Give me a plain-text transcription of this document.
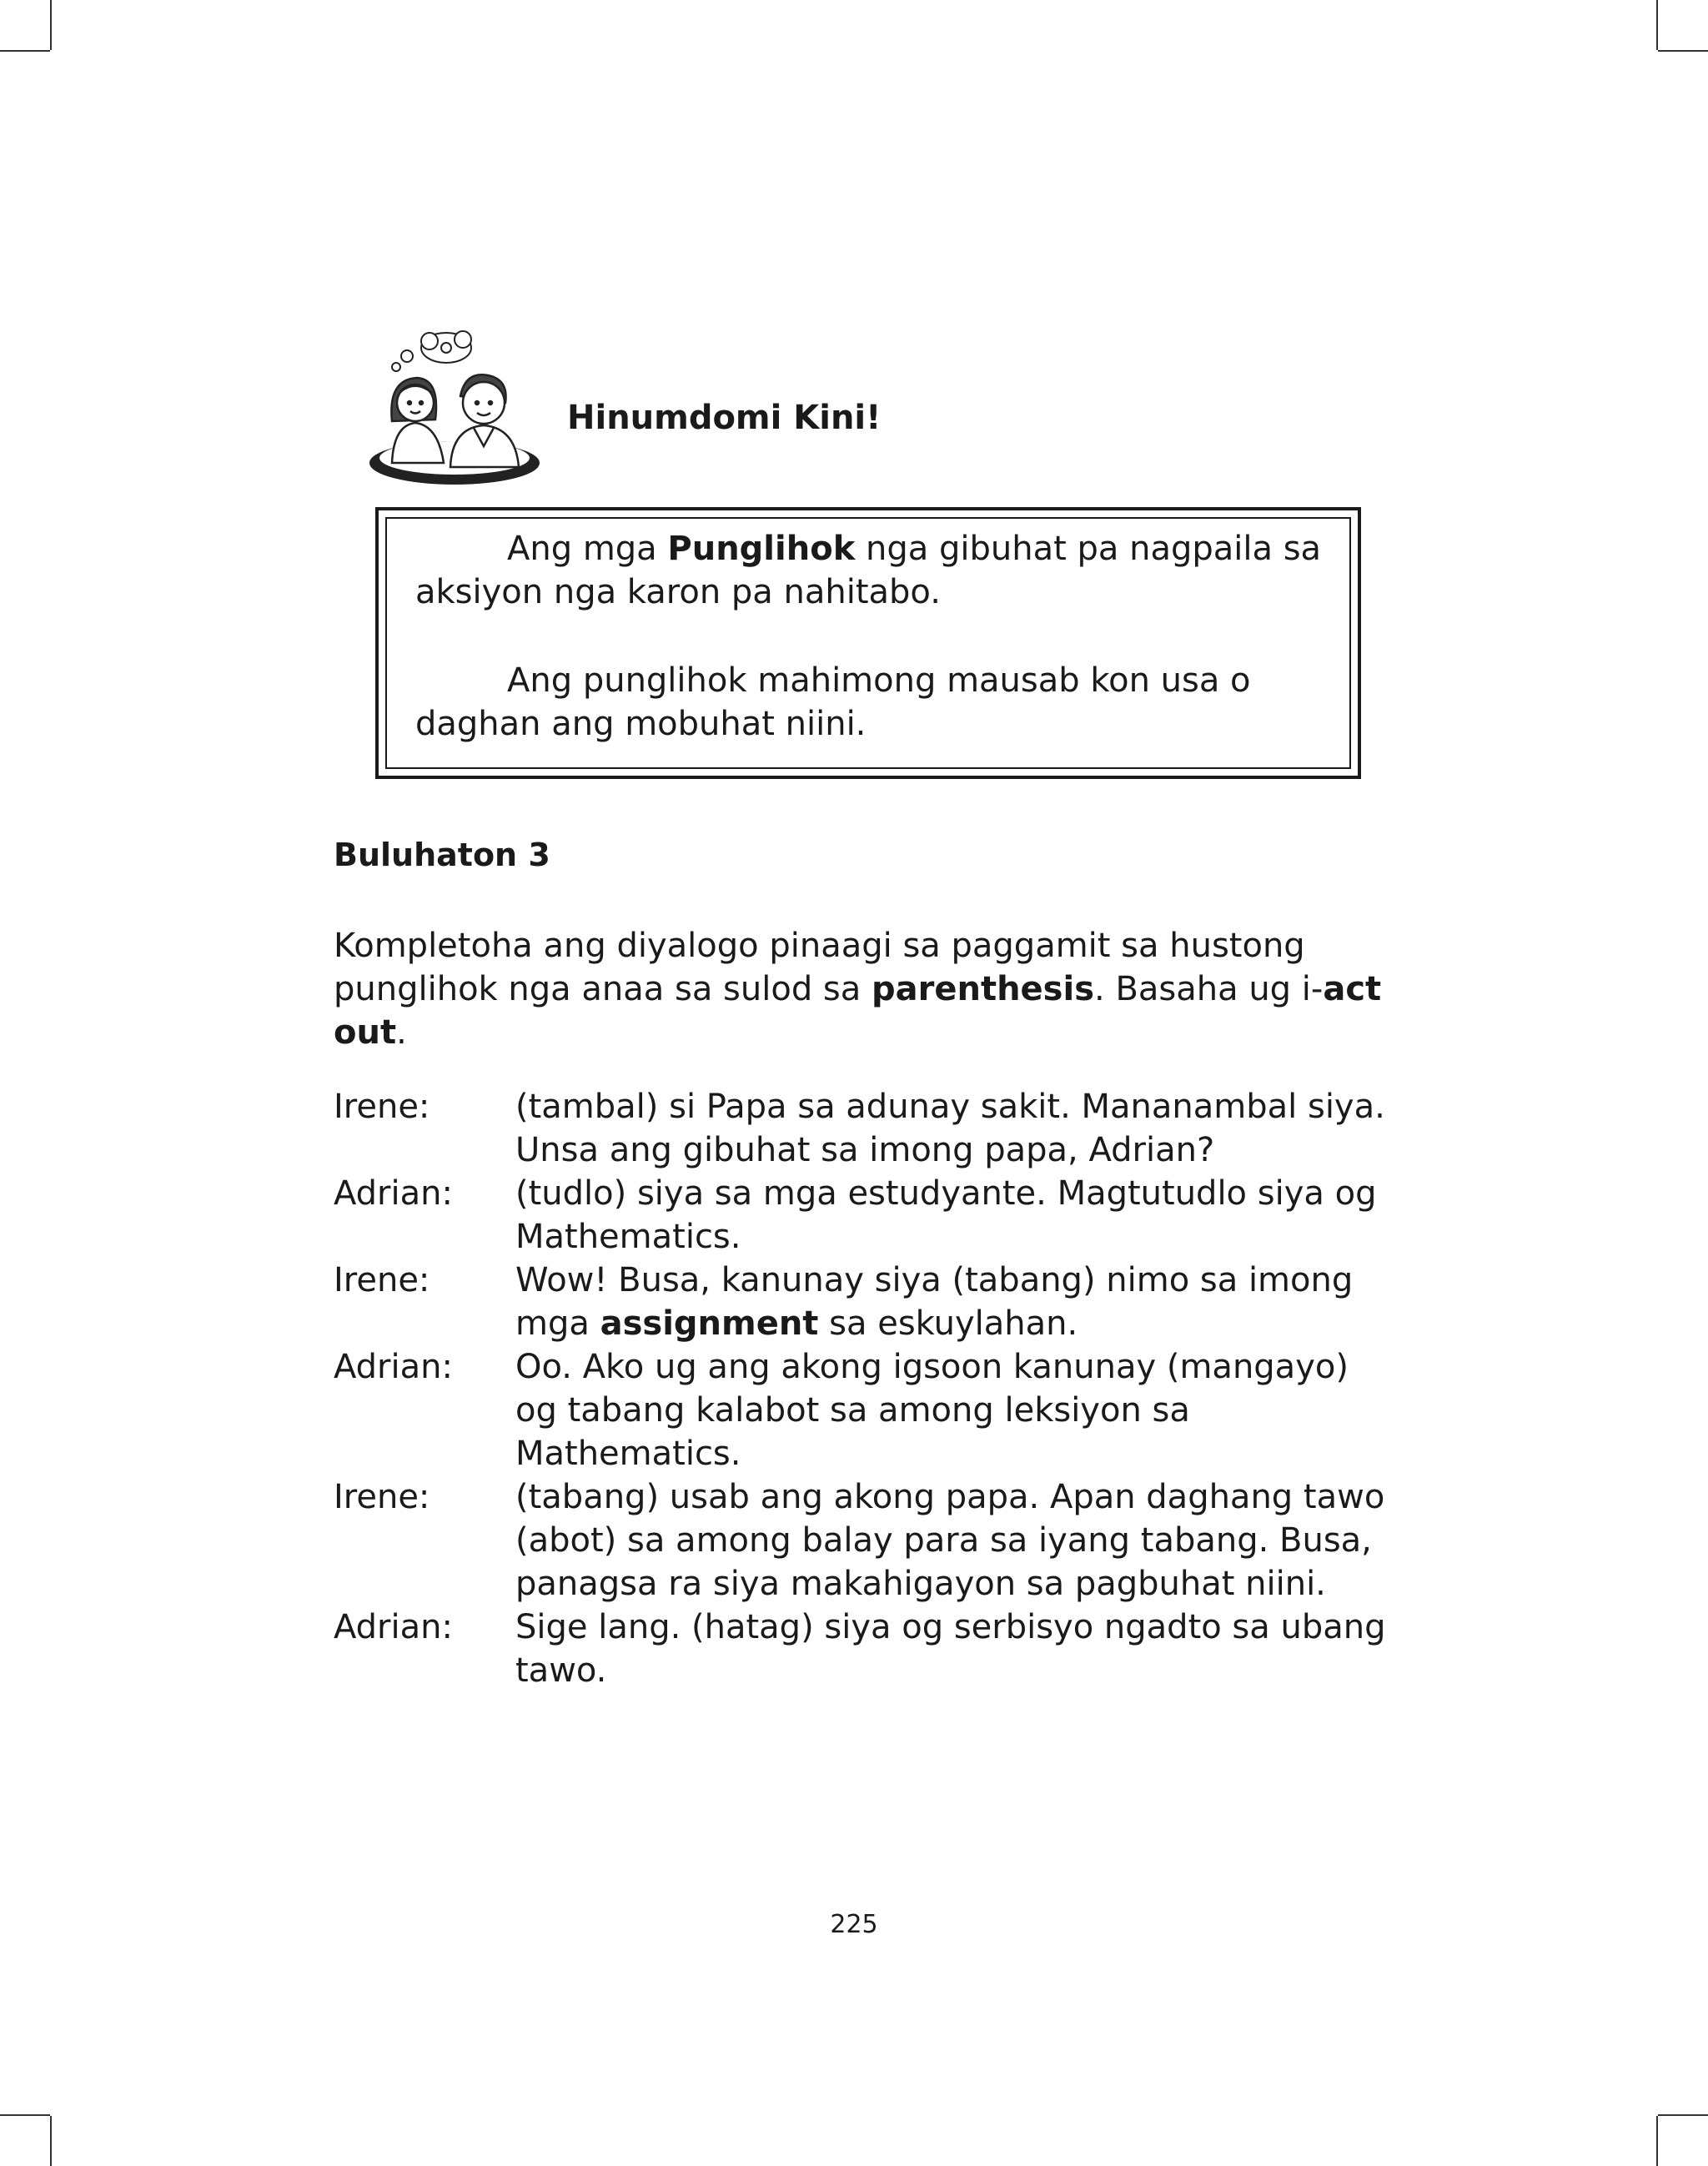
Hinumdomi Kini!

Ang mga Punglihok nga gibuhat pa nagpaila sa aksiyon nga karon pa nahitabo.

Ang punglihok mahimong mausab kon usa o daghan ang mobuhat niini.

Buluhaton 3

Kompletoha ang diyalogo pinaagi sa paggamit sa hustong punglihok nga anaa sa sulod sa parenthesis. Basaha ug i-act out.

Irene:	(tambal) si Papa sa adunay sakit. Mananambal siya. Unsa ang gibuhat sa imong papa, Adrian?
Adrian:	(tudlo) siya sa mga estudyante. Magtutudlo siya og Mathematics.
Irene:	Wow! Busa, kanunay siya (tabang) nimo sa imong mga assignment sa eskuylahan.
Adrian:	Oo. Ako ug ang akong igsoon kanunay (mangayo) og tabang kalabot sa among leksiyon sa Mathematics.
Irene:	(tabang) usab ang akong papa. Apan daghang tawo (abot) sa among balay para sa iyang tabang. Busa, panagsa ra siya makahigayon sa pagbuhat niini.
Adrian:	Sige lang. (hatag) siya og serbisyo ngadto sa ubang tawo.

225
